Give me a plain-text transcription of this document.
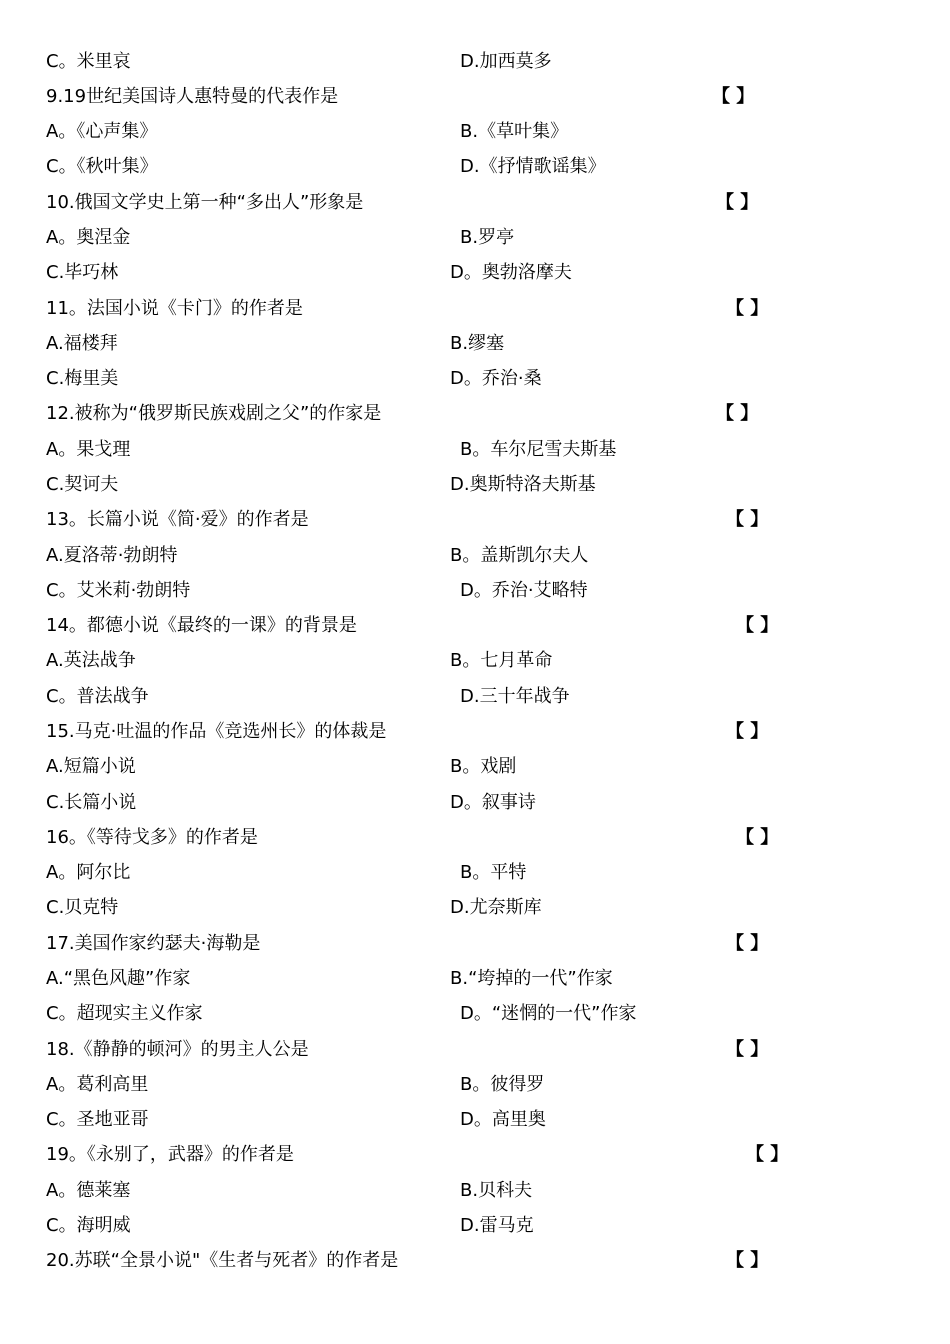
C。米里哀	D.加西莫多
9.19世纪美国诗人惠特曼的代表作是
A。《心声集》	B.《草叶集》
C。《秋叶集》	D.《抒情歌谣集》
10.俄国文学史上第一种“多出人”形象是
A。奥涅金	B.罗亭
C.毕巧林	D。奥勃洛摩夫
11。法国小说《卡门》的作者是
A.福楼拜	B.缪塞
C.梅里美	D。乔治·桑
12.被称为“俄罗斯民族戏剧之父”的作家是
A。果戈理	B。车尔尼雪夫斯基
C.契诃夫	D.奥斯特洛夫斯基
13。长篇小说《简·爱》的作者是
A.夏洛蒂·勃朗特	B。盖斯凯尔夫人
C。艾米莉·勃朗特	D。乔治·艾略特
14。都德小说《最终的一课》的背景是
A.英法战争	B。七月革命
C。普法战争	D.三十年战争
15.马克·吐温的作品《竞选州长》的体裁是
A.短篇小说	B。戏剧
C.长篇小说	D。叙事诗
16。《等待戈多》的作者是
A。阿尔比	B。平特
C.贝克特	D.尤奈斯库
17.美国作家约瑟夫·海勒是
A.“黑色风趣”作家	B.“垮掉的一代”作家
C。超现实主义作家	D。“迷惘的一代”作家
18.《静静的顿河》的男主人公是
A。葛利高里	B。彼得罗
C。圣地亚哥	D。高里奥
19。《永别了，武器》的作者是
A。德莱塞	B.贝科夫
C。海明威	D.雷马克
20.苏联“全景小说"《生者与死者》的作者是
【 】
【 】
【 】
【 】
【 】
【 】
【 】
【 】
【 】
【 】
【 】
【 】
